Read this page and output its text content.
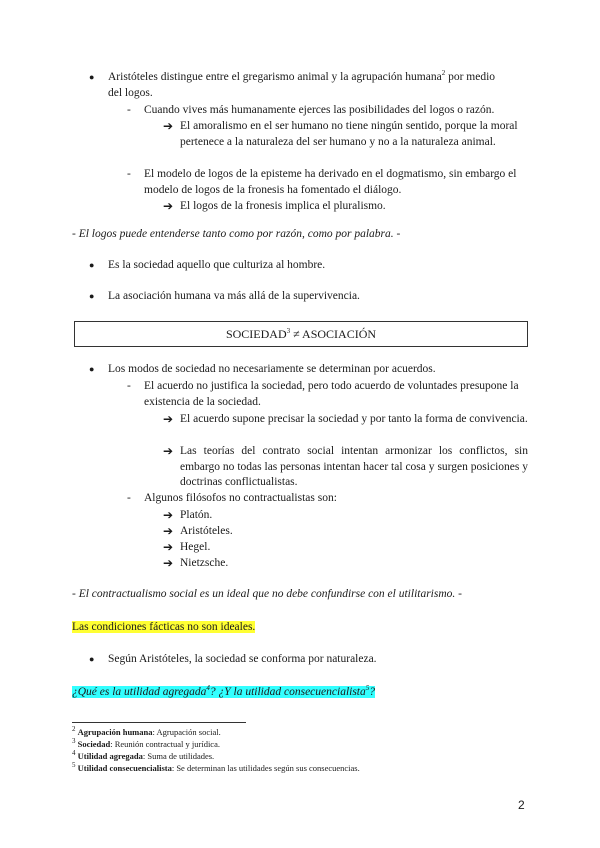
● Aristóteles distingue entre el gregarismo animal y la agrupación humana$^2$ por medio
del logos.
- Cuando vives más humanamente ejerces las posibilidades del logos o razón.
➔ El amoralismo en el ser humano no tiene ningún sentido, porque la moral pertenece a la naturaleza del ser humano y no a la naturaleza animal.
- El modelo de logos de la episteme ha derivado en el dogmatismo, sin embargo el modelo de logos de la fronesis ha fomentado el diálogo.
➔ El logos de la fronesis implica el pluralismo.
- El logos puede entenderse tanto como por razón, como por palabra. -
● Es la sociedad aquello que culturiza al hombre.
● La asociación humana va más allá de la supervivencia.
$SOCIEDAD^3$ ≠ ASOCIACIÓN
● Los modos de sociedad no necesariamente se determinan por acuerdos.
- El acuerdo no justifica la sociedad, pero todo acuerdo de voluntades presupone la existencia de la sociedad.
➔ El acuerdo supone precisar la sociedad y por tanto la forma de convivencia.
➔ Las teorías del contrato social intentan armonizar los conflictos, sin embargo no todas las personas intentan hacer tal cosa y surgen posiciones y doctrinas conflictualistas.
- Algunos filósofos no contractualistas son:
➔ Platón.
➔ Aristóteles.
➔ Hegel.
➔ Nietzsche.
- El contractualismo social es un ideal que no debe confundirse con el utilitarismo. -
Las condiciones fácticas no son ideales.
● Según Aristóteles, la sociedad se conforma por naturaleza.
¿Qué es la utilidad agregada$^4$? ¿Y la utilidad consecuencialista$^5$?
$^2$ Agrupación humana: Agrupación social.
$^3$ Sociedad: Reunión contractual y jurídica.
$^4$ Utilidad agregada: Suma de utilidades.
$^5$ Utilidad consecuencialista: Se determinan las utilidades según sus consecuencias.
2
